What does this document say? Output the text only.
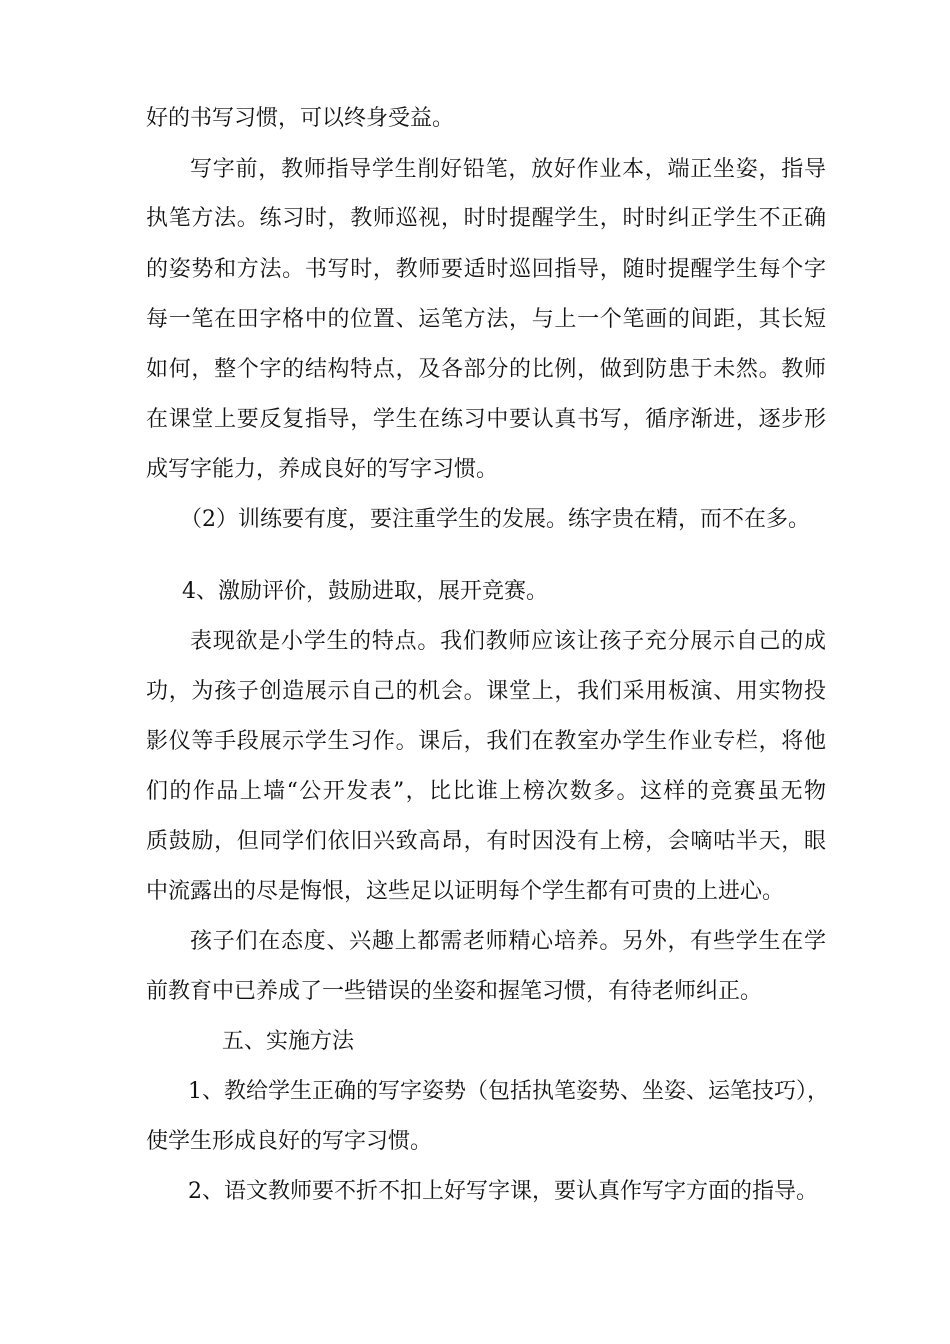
好的书写习惯，可以终身受益。

写字前，教师指导学生削好铅笔，放好作业本，端正坐姿，指导

执笔方法。练习时，教师巡视，时时提醒学生，时时纠正学生不正确

的姿势和方法。书写时，教师要适时巡回指导，随时提醒学生每个字

每一笔在田字格中的位置、运笔方法，与上一个笔画的间距，其长短

如何，整个字的结构特点，及各部分的比例，做到防患于未然。教师

在课堂上要反复指导，学生在练习中要认真书写，循序渐进，逐步形

成写字能力，养成良好的写字习惯。

（2）训练要有度，要注重学生的发展。练字贵在精，而不在多。

4、激励评价，鼓励进取，展开竞赛。

表现欲是小学生的特点。我们教师应该让孩子充分展示自己的成

功，为孩子创造展示自己的机会。课堂上，我们采用板演、用实物投

影仪等手段展示学生习作。课后，我们在教室办学生作业专栏，将他

们的作品上墙“公开发表”，比比谁上榜次数多。这样的竞赛虽无物

质鼓励，但同学们依旧兴致高昂，有时因没有上榜，会嘀咕半天，眼

中流露出的尽是悔恨，这些足以证明每个学生都有可贵的上进心。

孩子们在态度、兴趣上都需老师精心培养。另外，有些学生在学

前教育中已养成了一些错误的坐姿和握笔习惯，有待老师纠正。

五、实施方法

1、教给学生正确的写字姿势（包括执笔姿势、坐姿、运笔技巧），

使学生形成良好的写字习惯。

2、语文教师要不折不扣上好写字课，要认真作写字方面的指导。
